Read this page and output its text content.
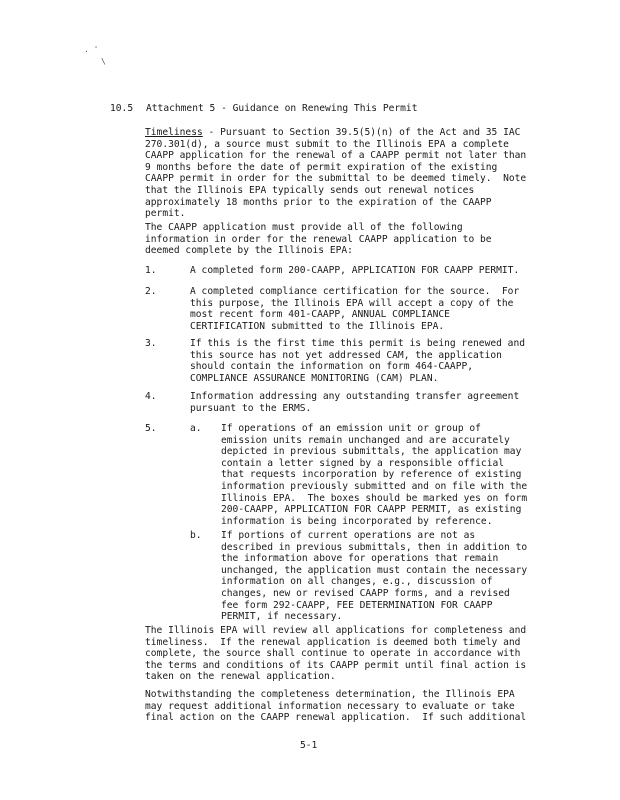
. '
\
10.5 Attachment 5 - Guidance on Renewing This Permit
Timeliness - Pursuant to Section 39.5(5)(n) of the Act and 35 IAC
270.301(d), a source must submit to the Illinois EPA a complete
CAAPP application for the renewal of a CAAPP permit not later than
9 months before the date of permit expiration of the existing
CAAPP permit in order for the submittal to be deemed timely.  Note
that the Illinois EPA typically sends out renewal notices
approximately 18 months prior to the expiration of the CAAPP
permit.
The CAAPP application must provide all of the following
information in order for the renewal CAAPP application to be
deemed complete by the Illinois EPA:
1.	A completed form 200-CAAPP, APPLICATION FOR CAAPP PERMIT.
2.	A completed compliance certification for the source.  For
this purpose, the Illinois EPA will accept a copy of the
most recent form 401-CAAPP, ANNUAL COMPLIANCE
CERTIFICATION submitted to the Illinois EPA.
3.	If this is the first time this permit is being renewed and
this source has not yet addressed CAM, the application
should contain the information on form 464-CAAPP,
COMPLIANCE ASSURANCE MONITORING (CAM) PLAN.
4.	Information addressing any outstanding transfer agreement
pursuant to the ERMS.
5.	a. If operations of an emission unit or group of
emission units remain unchanged and are accurately
depicted in previous submittals, the application may
contain a letter signed by a responsible official
that requests incorporation by reference of existing
information previously submitted and on file with the
Illinois EPA.  The boxes should be marked yes on form
200-CAAPP, APPLICATION FOR CAAPP PERMIT, as existing
information is being incorporated by reference.
b. If portions of current operations are not as
described in previous submittals, then in addition to
the information above for operations that remain
unchanged, the application must contain the necessary
information on all changes, e.g., discussion of
changes, new or revised CAAPP forms, and a revised
fee form 292-CAAPP, FEE DETERMINATION FOR CAAPP
PERMIT, if necessary.
The Illinois EPA will review all applications for completeness and
timeliness.  If the renewal application is deemed both timely and
complete, the source shall continue to operate in accordance with
the terms and conditions of its CAAPP permit until final action is
taken on the renewal application.
Notwithstanding the completeness determination, the Illinois EPA
may request additional information necessary to evaluate or take
final action on the CAAPP renewal application.  If such additional
5-1
